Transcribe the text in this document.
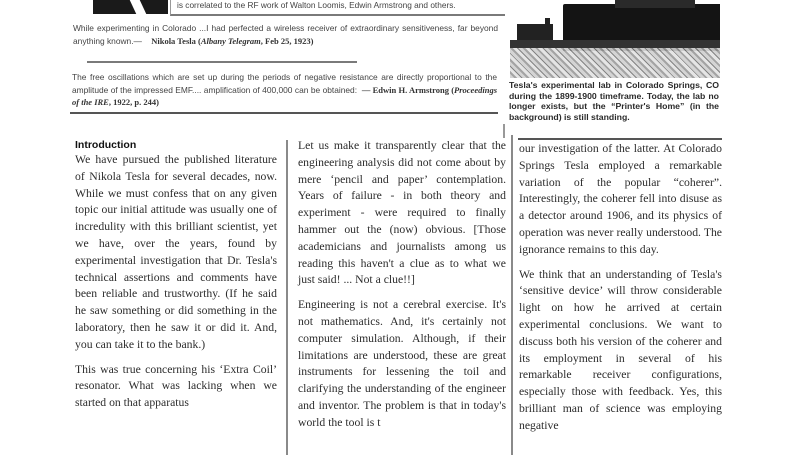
is correlated to the RF work of Walton Loomis, Edwin Armstrong and others.
While experimenting in Colorado ...I had perfected a wireless receiver of extraordinary sensitiveness, far beyond anything known.— Nikola Tesla (Albany Telegram, Feb 25, 1923)
The free oscillations which are set up during the periods of negative resistance are directly proportional to the amplitude of the impressed EMF.... amplification of 400,000 can be obtained: — Edwin H. Armstrong (Proceedings of the IRE, 1922, p. 244)
Tesla's experimental lab in Colorado Springs, CO during the 1899-1900 timeframe. Today, the lab no longer exists, but the “Printer's Home” (in the background) is still standing.
Introduction

We have pursued the published literature of Nikola Tesla for several decades, now. While we must confess that on any given topic our initial attitude was usually one of incredulity with this brilliant scientist, yet we have, over the years, found by experimental investigation that Dr. Tesla's technical assertions and comments have been reliable and trustworthy. (If he said he saw something or did something in the laboratory, then he saw it or did it. And, you can take it to the bank.)

This was true concerning his ‘Extra Coil’ resonator. What was lacking when we started on that apparatus

Let us make it transparently clear that the engineering analysis did not come about by mere ‘pencil and paper’ contemplation. Years of failure - in both theory and experiment - were required to finally hammer out the (now) obvious. [Those academicians and journalists among us reading this haven't a clue as to what we just said! ... Not a clue!!]

Engineering is not a cerebral exercise. It's not mathematics. And, it's certainly not computer simulation. Although, if their limitations are understood, these are great instruments for lessening the toil and clarifying the understanding of the engineer and inventor. The problem is that in today's world the tool is t

our investigation of the latter. At Colorado Springs Tesla employed a remarkable variation of the popular “coherer”. Interestingly, the coherer fell into disuse as a detector around 1906, and its physics of operation was never really understood. The ignorance remains to this day.

We think that an understanding of Tesla's ‘sensitive device’ will throw considerable light on how he arrived at certain experimental conclusions. We want to discuss both his version of the coherer and its employment in several of his remarkable receiver configurations, especially those with feedback. Yes, this brilliant man of science was employing negative
